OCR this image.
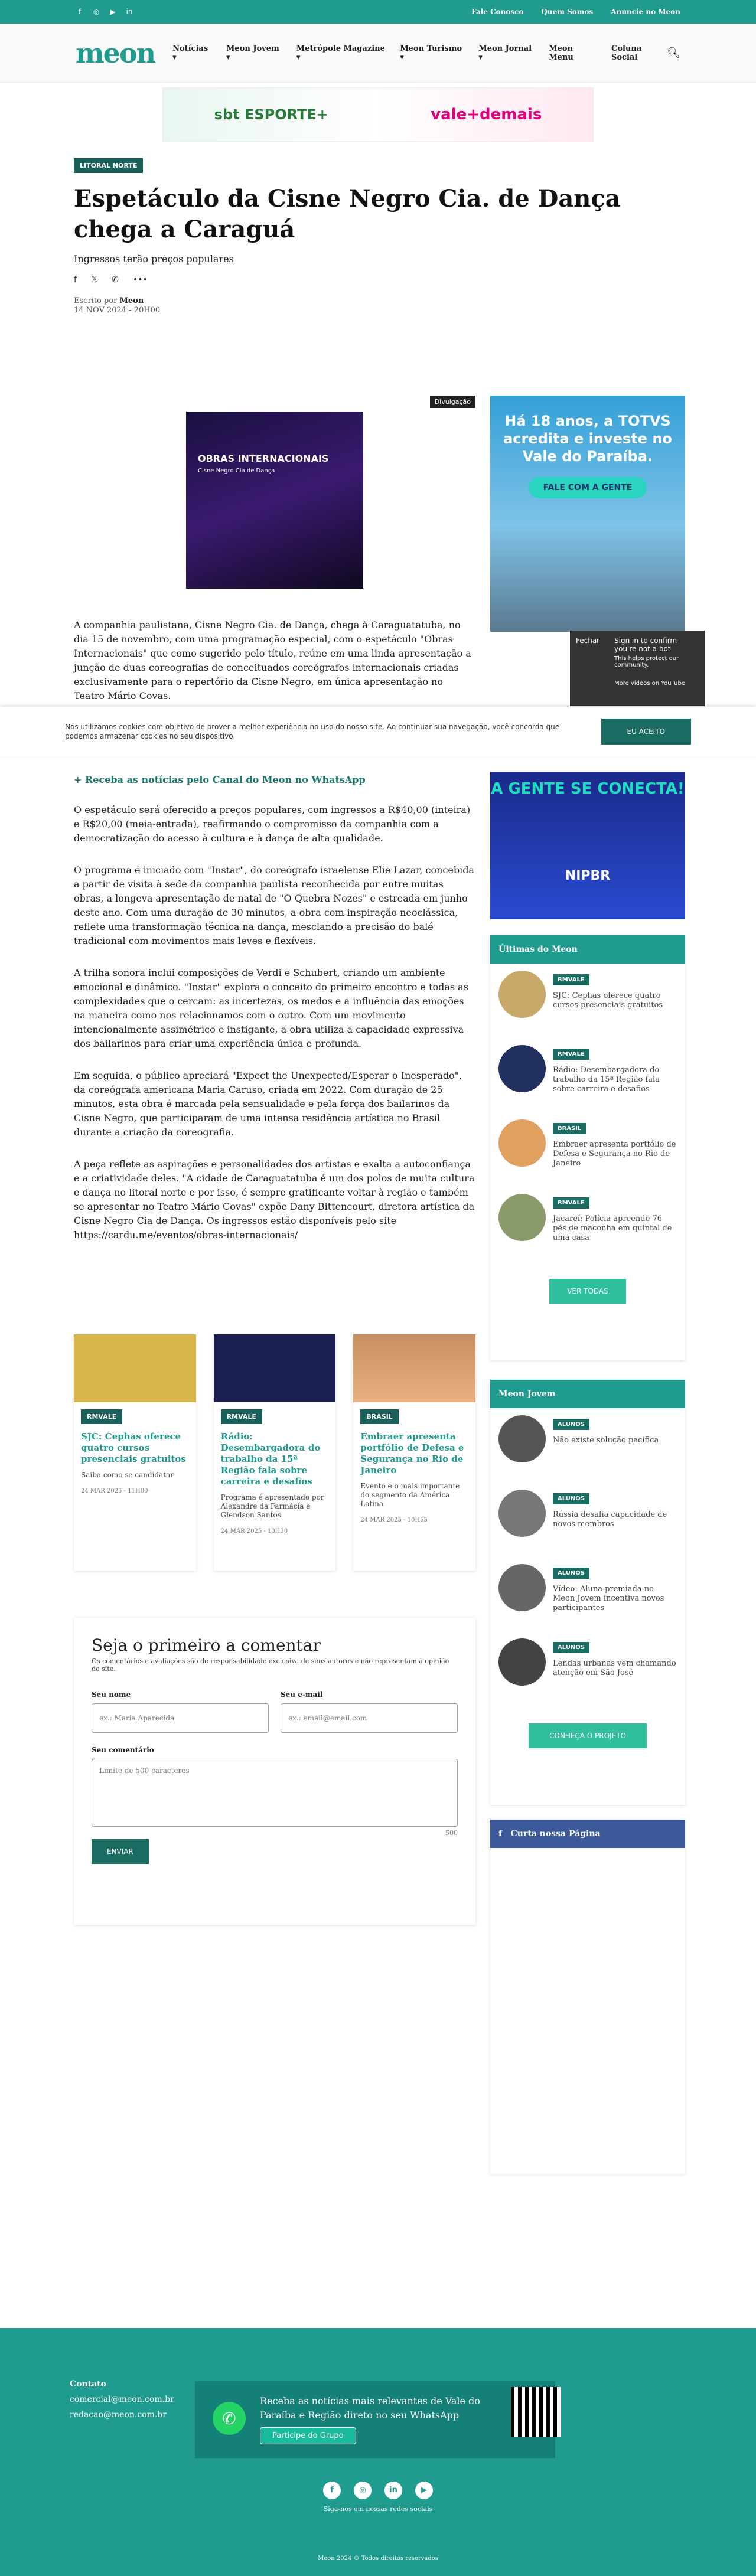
f	◎ ▶ in	Fale Conosco	Quem Somos	Anuncie no Meon
meon Notícias ▾
Meon Jovem ▾
Metrópole Magazine ▾
Meon Turismo ▾
Meon Jornal ▾
Meon Menu
Coluna Social	🔍︎
sbt ESPORTE+	vale+demais
LITORAL NORTE
Espetáculo da Cisne Negro Cia. de Dança chega a Caraguá
Ingressos terão preços populares
f 𝕏 ✆ •••
Escrito por Meon
14 NOV 2024 - 20H00
OBRAS INTERNACIONAIS
Cisne Negro Cia de Dança
Divulgação

A companhia paulistana, Cisne Negro Cia. de Dança, chega à Caraguatatuba, no dia 15 de novembro, com uma programação especial, com o espetáculo "Obras Internacionais" que como sugerido pelo título, reúne em uma linda apresentação a junção de duas coreografias de conceituados coreógrafos internacionais criadas exclusivamente para o repertório da Cisne Negro, em única apresentação no Teatro Mário Covas.

+ Receba as notícias pelo Canal do Meon no WhatsApp

O espetáculo será oferecido a preços populares, com ingressos a R$40,00 (inteira) e R$20,00 (meia-entrada), reafirmando o compromisso da companhia com a democratização do acesso à cultura e à dança de alta qualidade.

O programa é iniciado com "Instar", do coreógrafo israelense Elie Lazar, concebida a partir de visita à sede da companhia paulista reconhecida por entre muitas obras, a longeva apresentação de natal de "O Quebra Nozes" e estreada em junho deste ano. Com uma duração de 30 minutos, a obra com inspiração neoclássica, reflete uma transformação técnica na dança, mesclando a precisão do balé tradicional com movimentos mais leves e flexíveis.

A trilha sonora inclui composições de Verdi e Schubert, criando um ambiente emocional e dinâmico. "Instar" explora o conceito do primeiro encontro e todas as complexidades que o cercam: as incertezas, os medos e a influência das emoções na maneira como nos relacionamos com o outro. Com um movimento intencionalmente assimétrico e instigante, a obra utiliza a capacidade expressiva dos bailarinos para criar uma experiência única e profunda.

Em seguida, o público apreciará "Expect the Unexpected/Esperar o Inesperado", da coreógrafa americana Maria Caruso, criada em 2022. Com duração de 25 minutos, esta obra é marcada pela sensualidade e pela força dos bailarinos da Cisne Negro, que participaram de uma intensa residência artística no Brasil durante a criação da coreografia.

A peça reflete as aspirações e personalidades dos artistas e exalta a autoconfiança e a criatividade deles. "A cidade de Caraguatatuba é um dos polos de muita cultura e dança no litoral norte e por isso, é sempre gratificante voltar à região e também se apresentar no Teatro Mário Covas" expõe Dany Bittencourt, diretora artística da Cisne Negro Cia de Dança. Os ingressos estão disponíveis pelo site https://cardu.me/eventos/obras-internacionais/

Há 18 anos, a TOTVS acredita e investe no Vale do Paraíba.
FALE COM A GENTE
Fechar Sign in to confirm you're not a bot
This helps protect our community.
More videos on YouTube
A GENTE SE CONECTA!
NIPBR
Últimas do Meon
RMVALE

SJC: Cephas oferece quatro cursos presenciais gratuitos

RMVALE

Rádio: Desembargadora do trabalho da 15ª Região fala sobre carreira e desafios

BRASIL

Embraer apresenta portfólio de Defesa e Segurança no Rio de Janeiro

RMVALE

Jacareí: Polícia apreende 76 pés de maconha em quintal de uma casa

VER TODAS
Meon Jovem
ALUNOS

Não existe solução pacífica

ALUNOS

Rússia desafia capacidade de novos membros

ALUNOS

Vídeo: Aluna premiada no Meon Jovem incentiva novos participantes

ALUNOS

Lendas urbanas vem chamando atenção em São José

CONHEÇA O PROJETO
f Curta nossa Página
RMVALE
SJC: Cephas oferece quatro cursos presenciais gratuitos

Saiba como se candidatar

24 MAR 2025 - 11H00

RMVALE
Rádio: Desembargadora do trabalho da 15ª Região fala sobre carreira e desafios

Programa é apresentado por Alexandre da Farmácia e Glendson Santos

24 MAR 2025 - 10H30

BRASIL
Embraer apresenta portfólio de Defesa e Segurança no Rio de Janeiro

Evento é o mais importante do segmento da América Latina

24 MAR 2025 - 10H55

Seja o primeiro a comentar

Os comentários e avaliações são de responsabilidade exclusiva de seus autores e não representam a opinião do site.

Seu nome
ex.: Maria Aparecida	Seu e-mail
ex.: email@email.com
Seu comentário
Limite de 500 caracteres
500
ENVIAR

Nós utilizamos cookies com objetivo de prover a melhor experiência no uso do nosso site. Ao continuar sua navegação, você concorda que podemos armazenar cookies no seu dispositivo.

EU ACEITO
Contato
comercial@meon.com.br
redacao@meon.com.br	✆
Receba as notícias mais relevantes de Vale do Paraíba e Região direto no seu WhatsApp
Participe do Grupo
f	◎	in	▶
Siga-nos em nossas redes sociais
Meon 2024 © Todos direitos reservados
